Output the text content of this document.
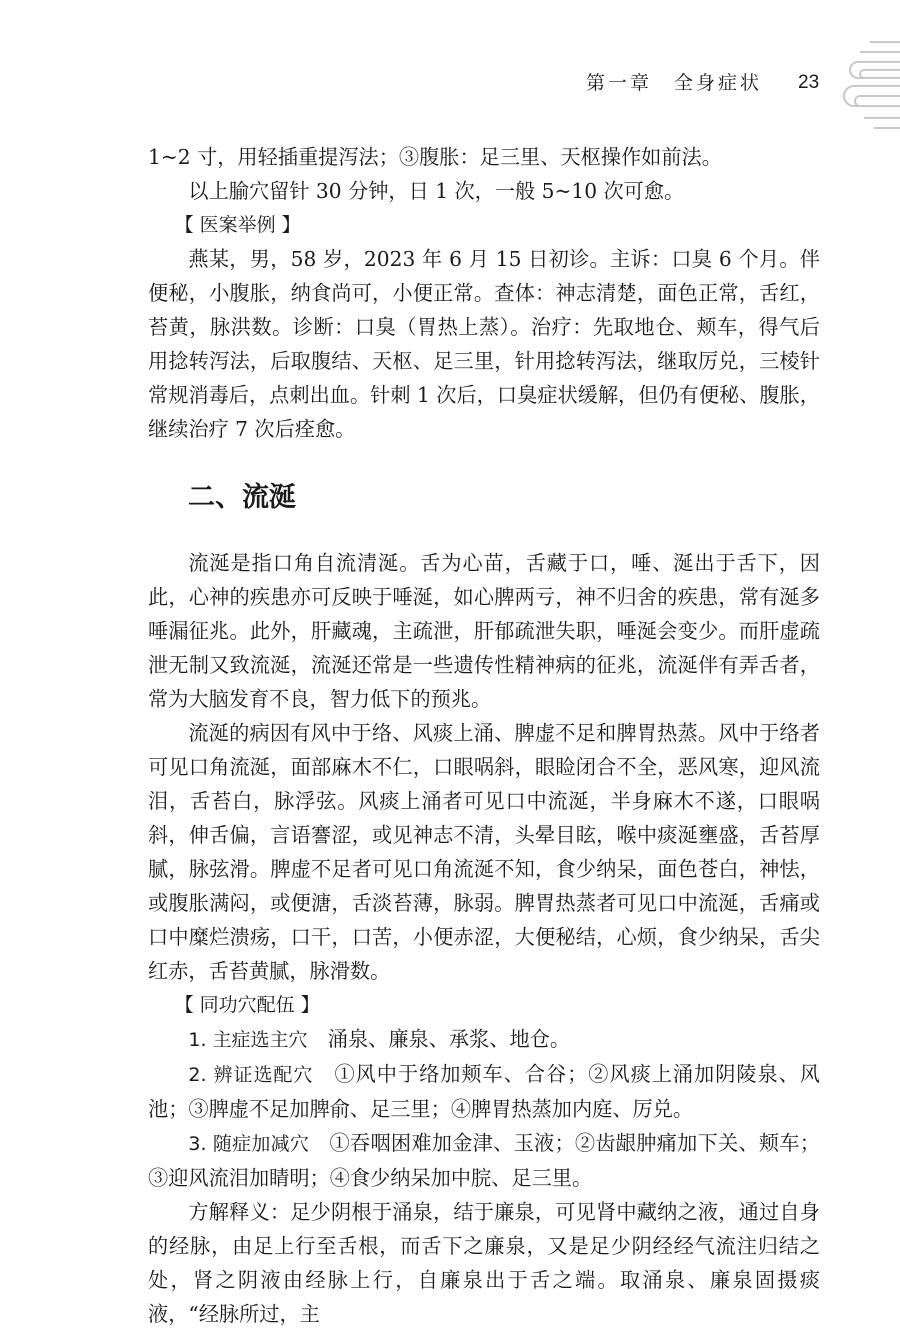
第一章　全身症状 23

1~2 寸，用轻插重提泻法；③腹胀：足三里、天枢操作如前法。

以上腧穴留针 30 分钟，日 1 次，一般 5~10 次可愈。

【 医案举例 】

燕某，男，58 岁，2023 年 6 月 15 日初诊。主诉：口臭 6 个月。伴便秘，小腹胀，纳食尚可，小便正常。查体：神志清楚，面色正常，舌红，苔黄，脉洪数。诊断：口臭（胃热上蒸）。治疗：先取地仓、颊车，得气后用捻转泻法，后取腹结、天枢、足三里，针用捻转泻法，继取厉兑，三棱针常规消毒后，点刺出血。针刺 1 次后，口臭症状缓解，但仍有便秘、腹胀，继续治疗 7 次后痊愈。

二、流涎

流涎是指口角自流清涎。舌为心苗，舌藏于口，唾、涎出于舌下，因此，心神的疾患亦可反映于唾涎，如心脾两亏，神不归舍的疾患，常有涎多唾漏征兆。此外，肝藏魂，主疏泄，肝郁疏泄失职，唾涎会变少。而肝虚疏泄无制又致流涎，流涎还常是一些遗传性精神病的征兆，流涎伴有弄舌者，常为大脑发育不良，智力低下的预兆。

流涎的病因有风中于络、风痰上涌、脾虚不足和脾胃热蒸。风中于络者可见口角流涎，面部麻木不仁，口眼㖞斜，眼睑闭合不全，恶风寒，迎风流泪，舌苔白，脉浮弦。风痰上涌者可见口中流涎，半身麻木不遂，口眼㖞斜，伸舌偏，言语謇涩，或见神志不清，头晕目眩，喉中痰涎壅盛，舌苔厚腻，脉弦滑。脾虚不足者可见口角流涎不知，食少纳呆，面色苍白，神怯，或腹胀满闷，或便溏，舌淡苔薄，脉弱。脾胃热蒸者可见口中流涎，舌痛或口中糜烂溃疡，口干，口苦，小便赤涩，大便秘结，心烦，食少纳呆，舌尖红赤，舌苔黄腻，脉滑数。

【 同功穴配伍 】

1. 主症选主穴　涌泉、廉泉、承浆、地仓。

2. 辨证选配穴　①风中于络加颊车、合谷；②风痰上涌加阴陵泉、风池；③脾虚不足加脾俞、足三里；④脾胃热蒸加内庭、厉兑。

3. 随症加减穴　①吞咽困难加金津、玉液；②齿龈肿痛加下关、颊车；③迎风流泪加睛明；④食少纳呆加中脘、足三里。

方解释义：足少阴根于涌泉，结于廉泉，可见肾中藏纳之液，通过自身的经脉，由足上行至舌根，而舌下之廉泉，又是足少阴经经气流注归结之处，肾之阴液由经脉上行，自廉泉出于舌之端。取涌泉、廉泉固摄痰液，“经脉所过，主
